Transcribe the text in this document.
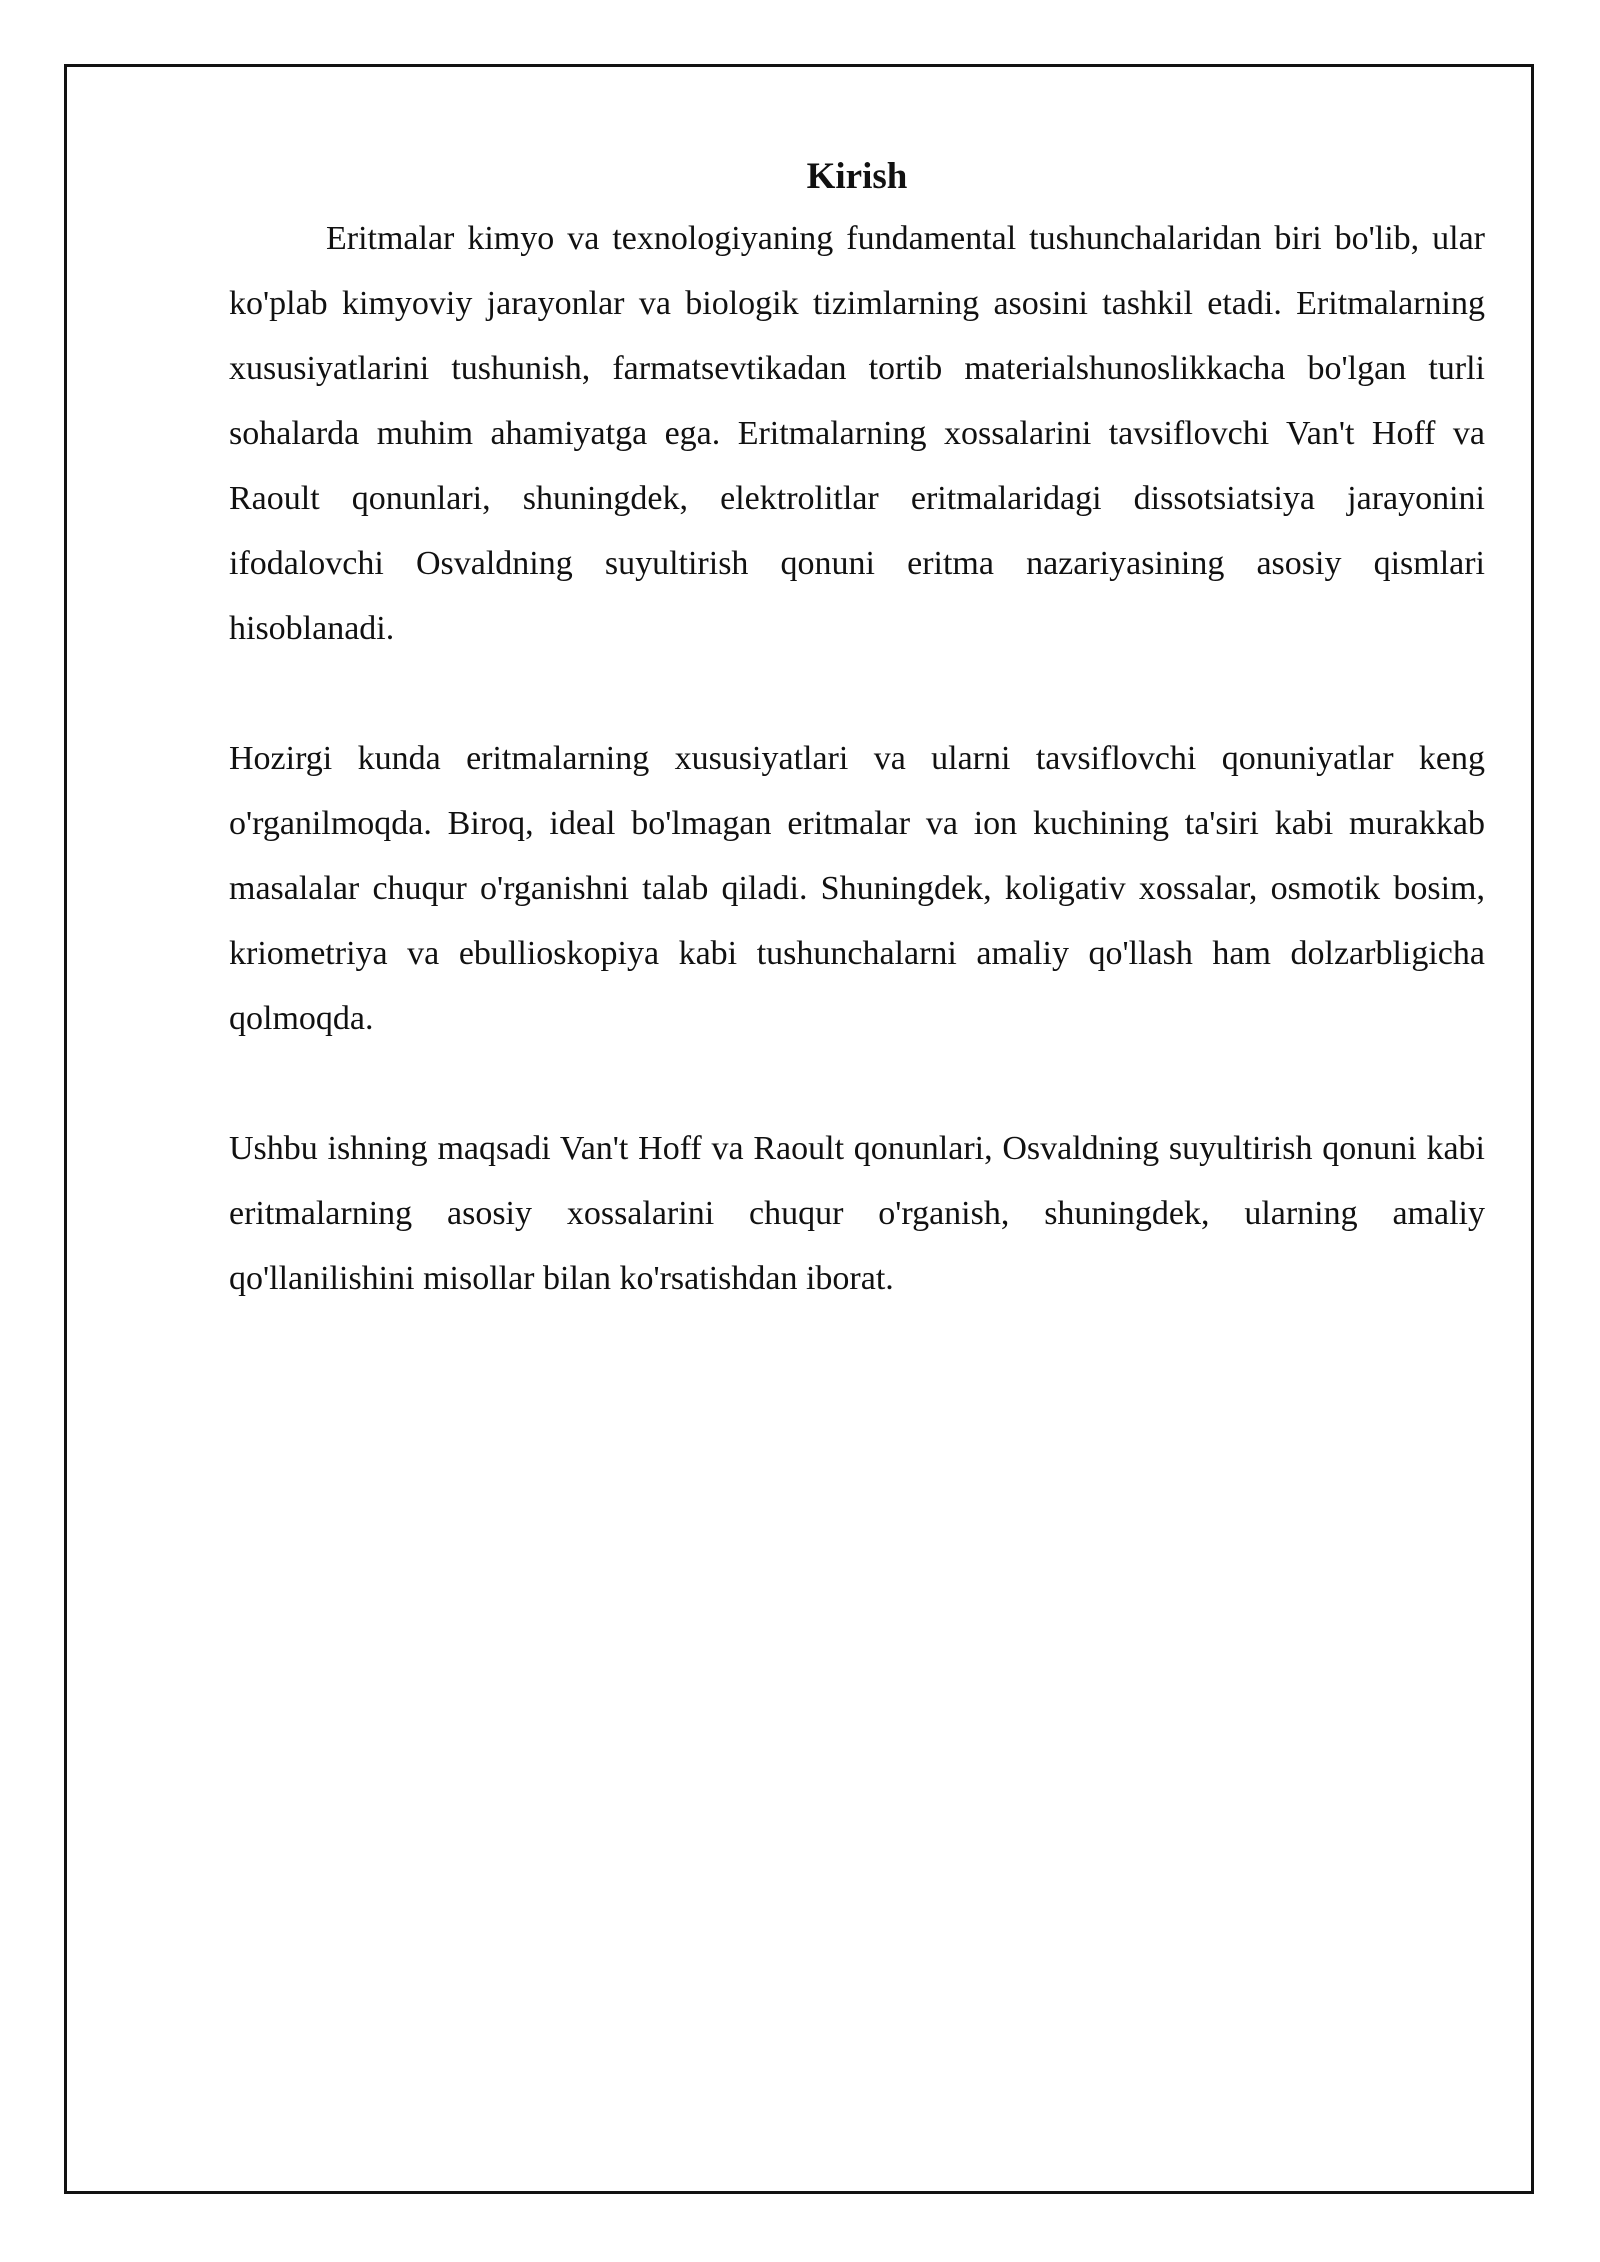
Kirish

Eritmalar kimyo va texnologiyaning fundamental tushunchalaridan biri bo'lib, ular ko'plab kimyoviy jarayonlar va biologik tizimlarning asosini tashkil etadi. Eritmalarning xususiyatlarini tushunish, farmatsevtikadan tortib materialshunoslikkacha bo'lgan turli sohalarda muhim ahamiyatga ega. Eritmalarning xossalarini tavsiflovchi Van't Hoff va Raoult qonunlari, shuningdek, elektrolitlar eritmalaridagi dissotsiatsiya jarayonini ifodalovchi Osvaldning suyultirish qonuni eritma nazariyasining asosiy qismlari hisoblanadi.

Hozirgi kunda eritmalarning xususiyatlari va ularni tavsiflovchi qonuniyatlar keng o'rganilmoqda. Biroq, ideal bo'lmagan eritmalar va ion kuchining ta'siri kabi murakkab masalalar chuqur o'rganishni talab qiladi. Shuningdek, koligativ xossalar, osmotik bosim, kriometriya va ebullioskopiya kabi tushunchalarni amaliy qo'llash ham dolzarbligicha qolmoqda.

Ushbu ishning maqsadi Van't Hoff va Raoult qonunlari, Osvaldning suyultirish qonuni kabi eritmalarning asosiy xossalarini chuqur o'rganish, shuningdek, ularning amaliy qo'llanilishini misollar bilan ko'rsatishdan iborat.
